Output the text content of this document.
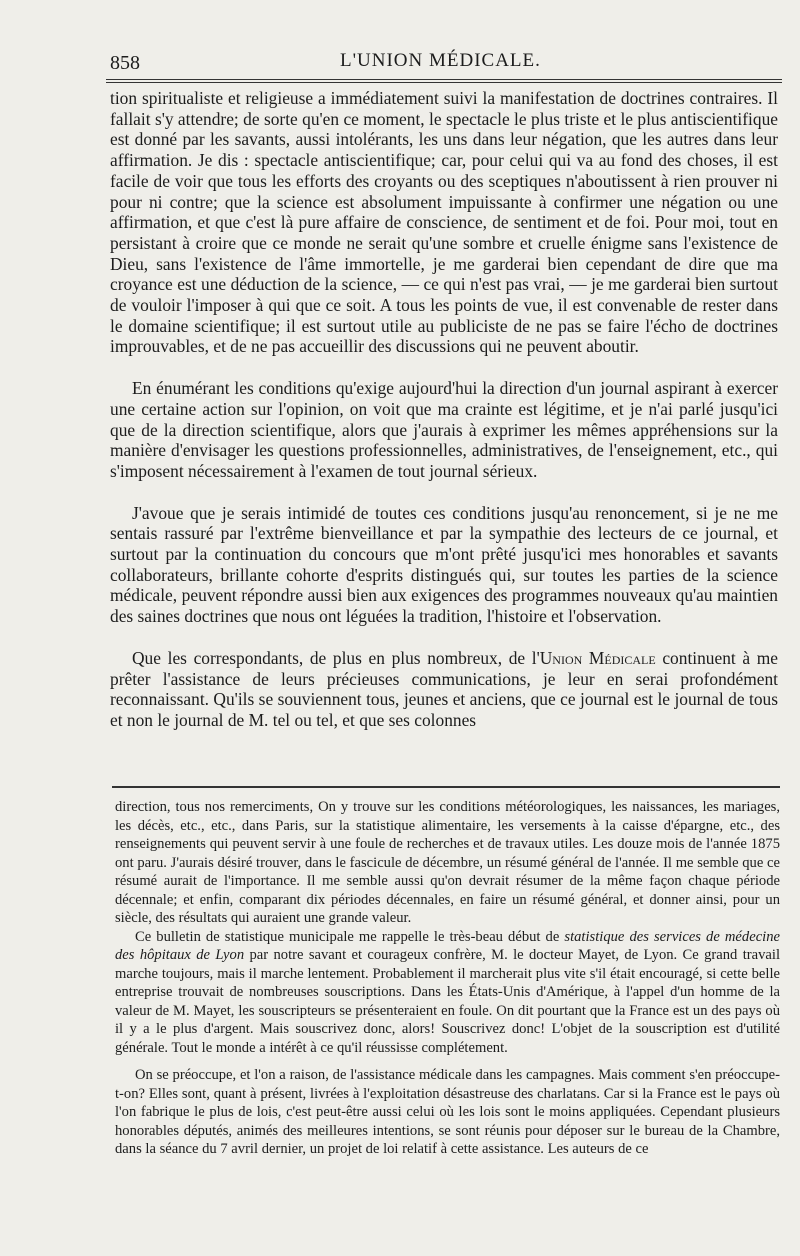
858	L'UNION MÉDICALE.

tion spiritualiste et religieuse a immédiatement suivi la manifestation de doctrines contraires. Il fallait s'y attendre; de sorte qu'en ce moment, le spectacle le plus triste et le plus antiscientifique est donné par les savants, aussi intolérants, les uns dans leur négation, que les autres dans leur affirmation. Je dis : spectacle antiscientifique; car, pour celui qui va au fond des choses, il est facile de voir que tous les efforts des croyants ou des sceptiques n'aboutissent à rien prouver ni pour ni contre; que la science est absolument impuissante à confirmer une négation ou une affirmation, et que c'est là pure affaire de conscience, de sentiment et de foi. Pour moi, tout en persistant à croire que ce monde ne serait qu'une sombre et cruelle énigme sans l'existence de Dieu, sans l'existence de l'âme immortelle, je me garderai bien cependant de dire que ma croyance est une déduction de la science, — ce qui n'est pas vrai, — je me garderai bien surtout de vouloir l'imposer à qui que ce soit. A tous les points de vue, il est convenable de rester dans le domaine scientifique; il est surtout utile au publiciste de ne pas se faire l'écho de doctrines improuvables, et de ne pas accueillir des discussions qui ne peuvent aboutir.

En énumérant les conditions qu'exige aujourd'hui la direction d'un journal aspirant à exercer une certaine action sur l'opinion, on voit que ma crainte est légitime, et je n'ai parlé jusqu'ici que de la direction scientifique, alors que j'aurais à exprimer les mêmes appréhensions sur la manière d'envisager les questions professionnelles, administratives, de l'enseignement, etc., qui s'imposent nécessairement à l'examen de tout journal sérieux.

J'avoue que je serais intimidé de toutes ces conditions jusqu'au renoncement, si je ne me sentais rassuré par l'extrême bienveillance et par la sympathie des lecteurs de ce journal, et surtout par la continuation du concours que m'ont prêté jusqu'ici mes honorables et savants collaborateurs, brillante cohorte d'esprits distingués qui, sur toutes les parties de la science médicale, peuvent répondre aussi bien aux exigences des programmes nouveaux qu'au maintien des saines doctrines que nous ont léguées la tradition, l'histoire et l'observation.

Que les correspondants, de plus en plus nombreux, de l'Union Médicale continuent à me prêter l'assistance de leurs précieuses communications, je leur en serai profondément reconnaissant. Qu'ils se souviennent tous, jeunes et anciens, que ce journal est le journal de tous et non le journal de M. tel ou tel, et que ses colonnes

direction, tous nos remerciments, On y trouve sur les conditions météorologiques, les naissances, les mariages, les décès, etc., etc., dans Paris, sur la statistique alimentaire, les versements à la caisse d'épargne, etc., des renseignements qui peuvent servir à une foule de recherches et de travaux utiles. Les douze mois de l'année 1875 ont paru. J'aurais désiré trouver, dans le fascicule de décembre, un résumé général de l'année. Il me semble que ce résumé aurait de l'importance. Il me semble aussi qu'on devrait résumer de la même façon chaque période décennale; et enfin, comparant dix périodes décennales, en faire un résumé général, et donner ainsi, pour un siècle, des résultats qui auraient une grande valeur.

Ce bulletin de statistique municipale me rappelle le très-beau début de statistique des services de médecine des hôpitaux de Lyon par notre savant et courageux confrère, M. le docteur Mayet, de Lyon. Ce grand travail marche toujours, mais il marche lentement. Probablement il marcherait plus vite s'il était encouragé, si cette belle entreprise trouvait de nombreuses souscriptions. Dans les États-Unis d'Amérique, à l'appel d'un homme de la valeur de M. Mayet, les souscripteurs se présenteraient en foule. On dit pourtant que la France est un des pays où il y a le plus d'argent. Mais souscrivez donc, alors! Souscrivez donc! L'objet de la souscription est d'utilité générale. Tout le monde a intérêt à ce qu'il réussisse complétement.

On se préoccupe, et l'on a raison, de l'assistance médicale dans les campagnes. Mais comment s'en préoccupe-t-on? Elles sont, quant à présent, livrées à l'exploitation désastreuse des charlatans. Car si la France est le pays où l'on fabrique le plus de lois, c'est peut-être aussi celui où les lois sont le moins appliquées. Cependant plusieurs honorables députés, animés des meilleures intentions, se sont réunis pour déposer sur le bureau de la Chambre, dans la séance du 7 avril dernier, un projet de loi relatif à cette assistance. Les auteurs de ce
